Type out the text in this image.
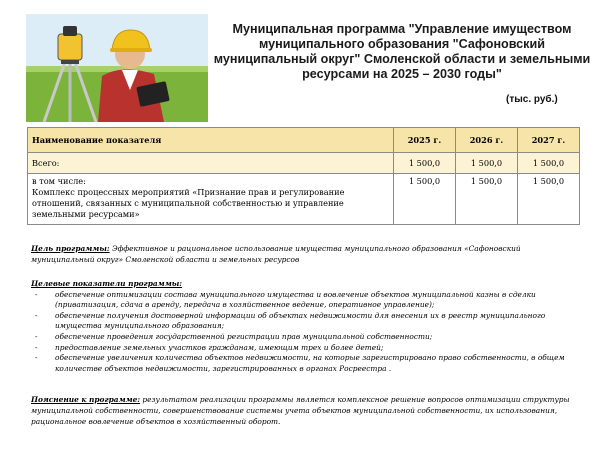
Муниципальная программа "Управление имуществом муниципального образования "Сафоновский муниципальный округ" Смоленской области и земельными ресурсами на 2025 – 2030 годы"
(тыс. руб.)
Наименование показателя	2025 г.	2026 г.	2027 г.
Всего:	1 500,0	1 500,0	1 500,0

в том числе:
Комплекс процессных мероприятий «Признание прав и регулирование отношений, связанных с муниципальной собственностью и управление земельными ресурсами»	1 500,0	1 500,0	1 500,0
Цель программы: Эффективное и рациональное использование имущества муниципального образования «Сафоновский муниципальный округ» Смоленской области и земельных ресурсов
Целевые показатели программы:
- обеспечение оптимизации состава муниципального имущества и вовлечение объектов муниципальной казны в сделки (приватизация, сдача в аренду, передача в хозяйственное ведение, оперативное управление);
- обеспечение получения достоверной информации об объектах недвижимости для внесения их в реестр муниципального имущества муниципального образования;
- обеспечение проведения государственной регистрации прав муниципальной собственности;
- предоставление земельных участков гражданам, имеющим трех и более детей;
- обеспечение увеличения количества объектов недвижимости, на которые зарегистрировано право собственности, в общем количестве объектов недвижимости, зарегистрированных в органах Росреестра .
Пояснение к программе: результатом реализации программы является комплексное решение вопросов оптимизации структуры муниципальной собственности, совершенствование системы учета объектов муниципальной собственности, их использования, рациональное вовлечение объектов в хозяйственный оборот.
